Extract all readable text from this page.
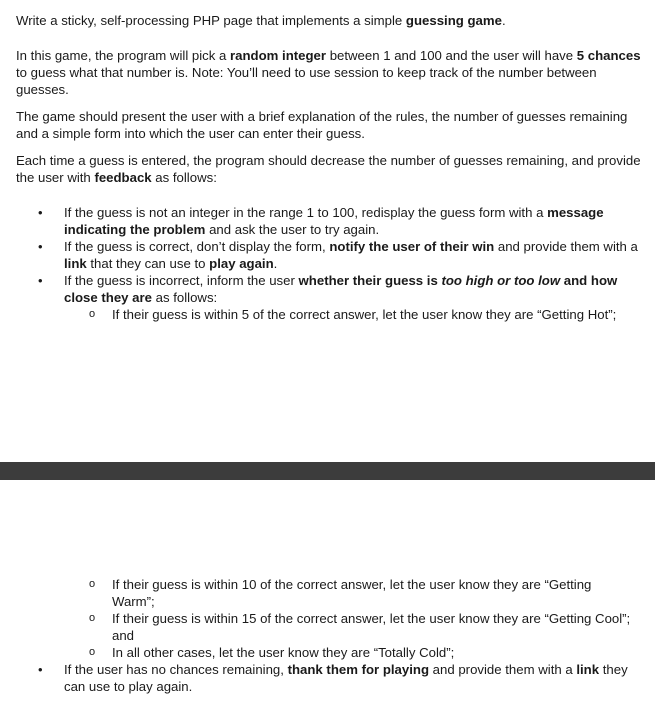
Write a sticky, self-processing PHP page that implements a simple guessing game.

In this game, the program will pick a random integer between 1 and 100 and the user will have 5 chances to guess what that number is. Note: You’ll need to use session to keep track of the number between guesses.

The game should present the user with a brief explanation of the rules, the number of guesses remaining and a simple form into which the user can enter their guess.

Each time a guess is entered, the program should decrease the number of guesses remaining, and provide the user with feedback as follows:

• If the guess is not an integer in the range 1 to 100, redisplay the guess form with a message indicating the problem and ask the user to try again.
• If the guess is correct, don’t display the form, notify the user of their win and provide them with a link that they can use to play again.
• If the guess is incorrect, inform the user whether their guess is too high or too low and how close they are as follows:
o If their guess is within 5 of the correct answer, let the user know they are “Getting Hot”;
o If their guess is within 10 of the correct answer, let the user know they are “Getting Warm”;
o If their guess is within 15 of the correct answer, let the user know they are “Getting Cool”; and
o In all other cases, let the user know they are “Totally Cold”;
• If the user has no chances remaining, thank them for playing and provide them with a link they can use to play again.
